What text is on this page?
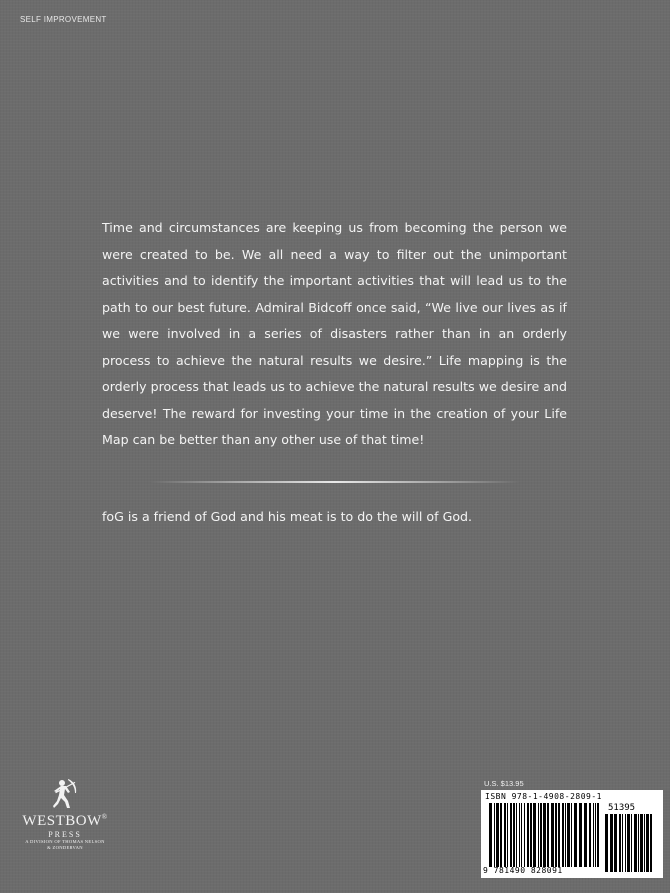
SELF IMPROVEMENT
Time and circumstances are keeping us from becoming the person we were created to be. We all need a way to filter out the unimportant activities and to identify the important activities that will lead us to the path to our best future. Admiral Bidcoff once said, “We live our lives as if we were involved in a series of disasters rather than in an orderly process to achieve the natural results we desire.” Life mapping is the orderly process that leads us to achieve the natural results we desire and deserve! The reward for investing your time in the creation of your Life Map can be better than any other use of that time!
foG is a friend of God and his meat is to do the will of God.
WESTBOW®
PRESS
A DIVISION OF THOMAS NELSON
& ZONDERVAN
U.S. $13.95
ISBN 978-1-4908-2809-1
51395
9 781490 828091
